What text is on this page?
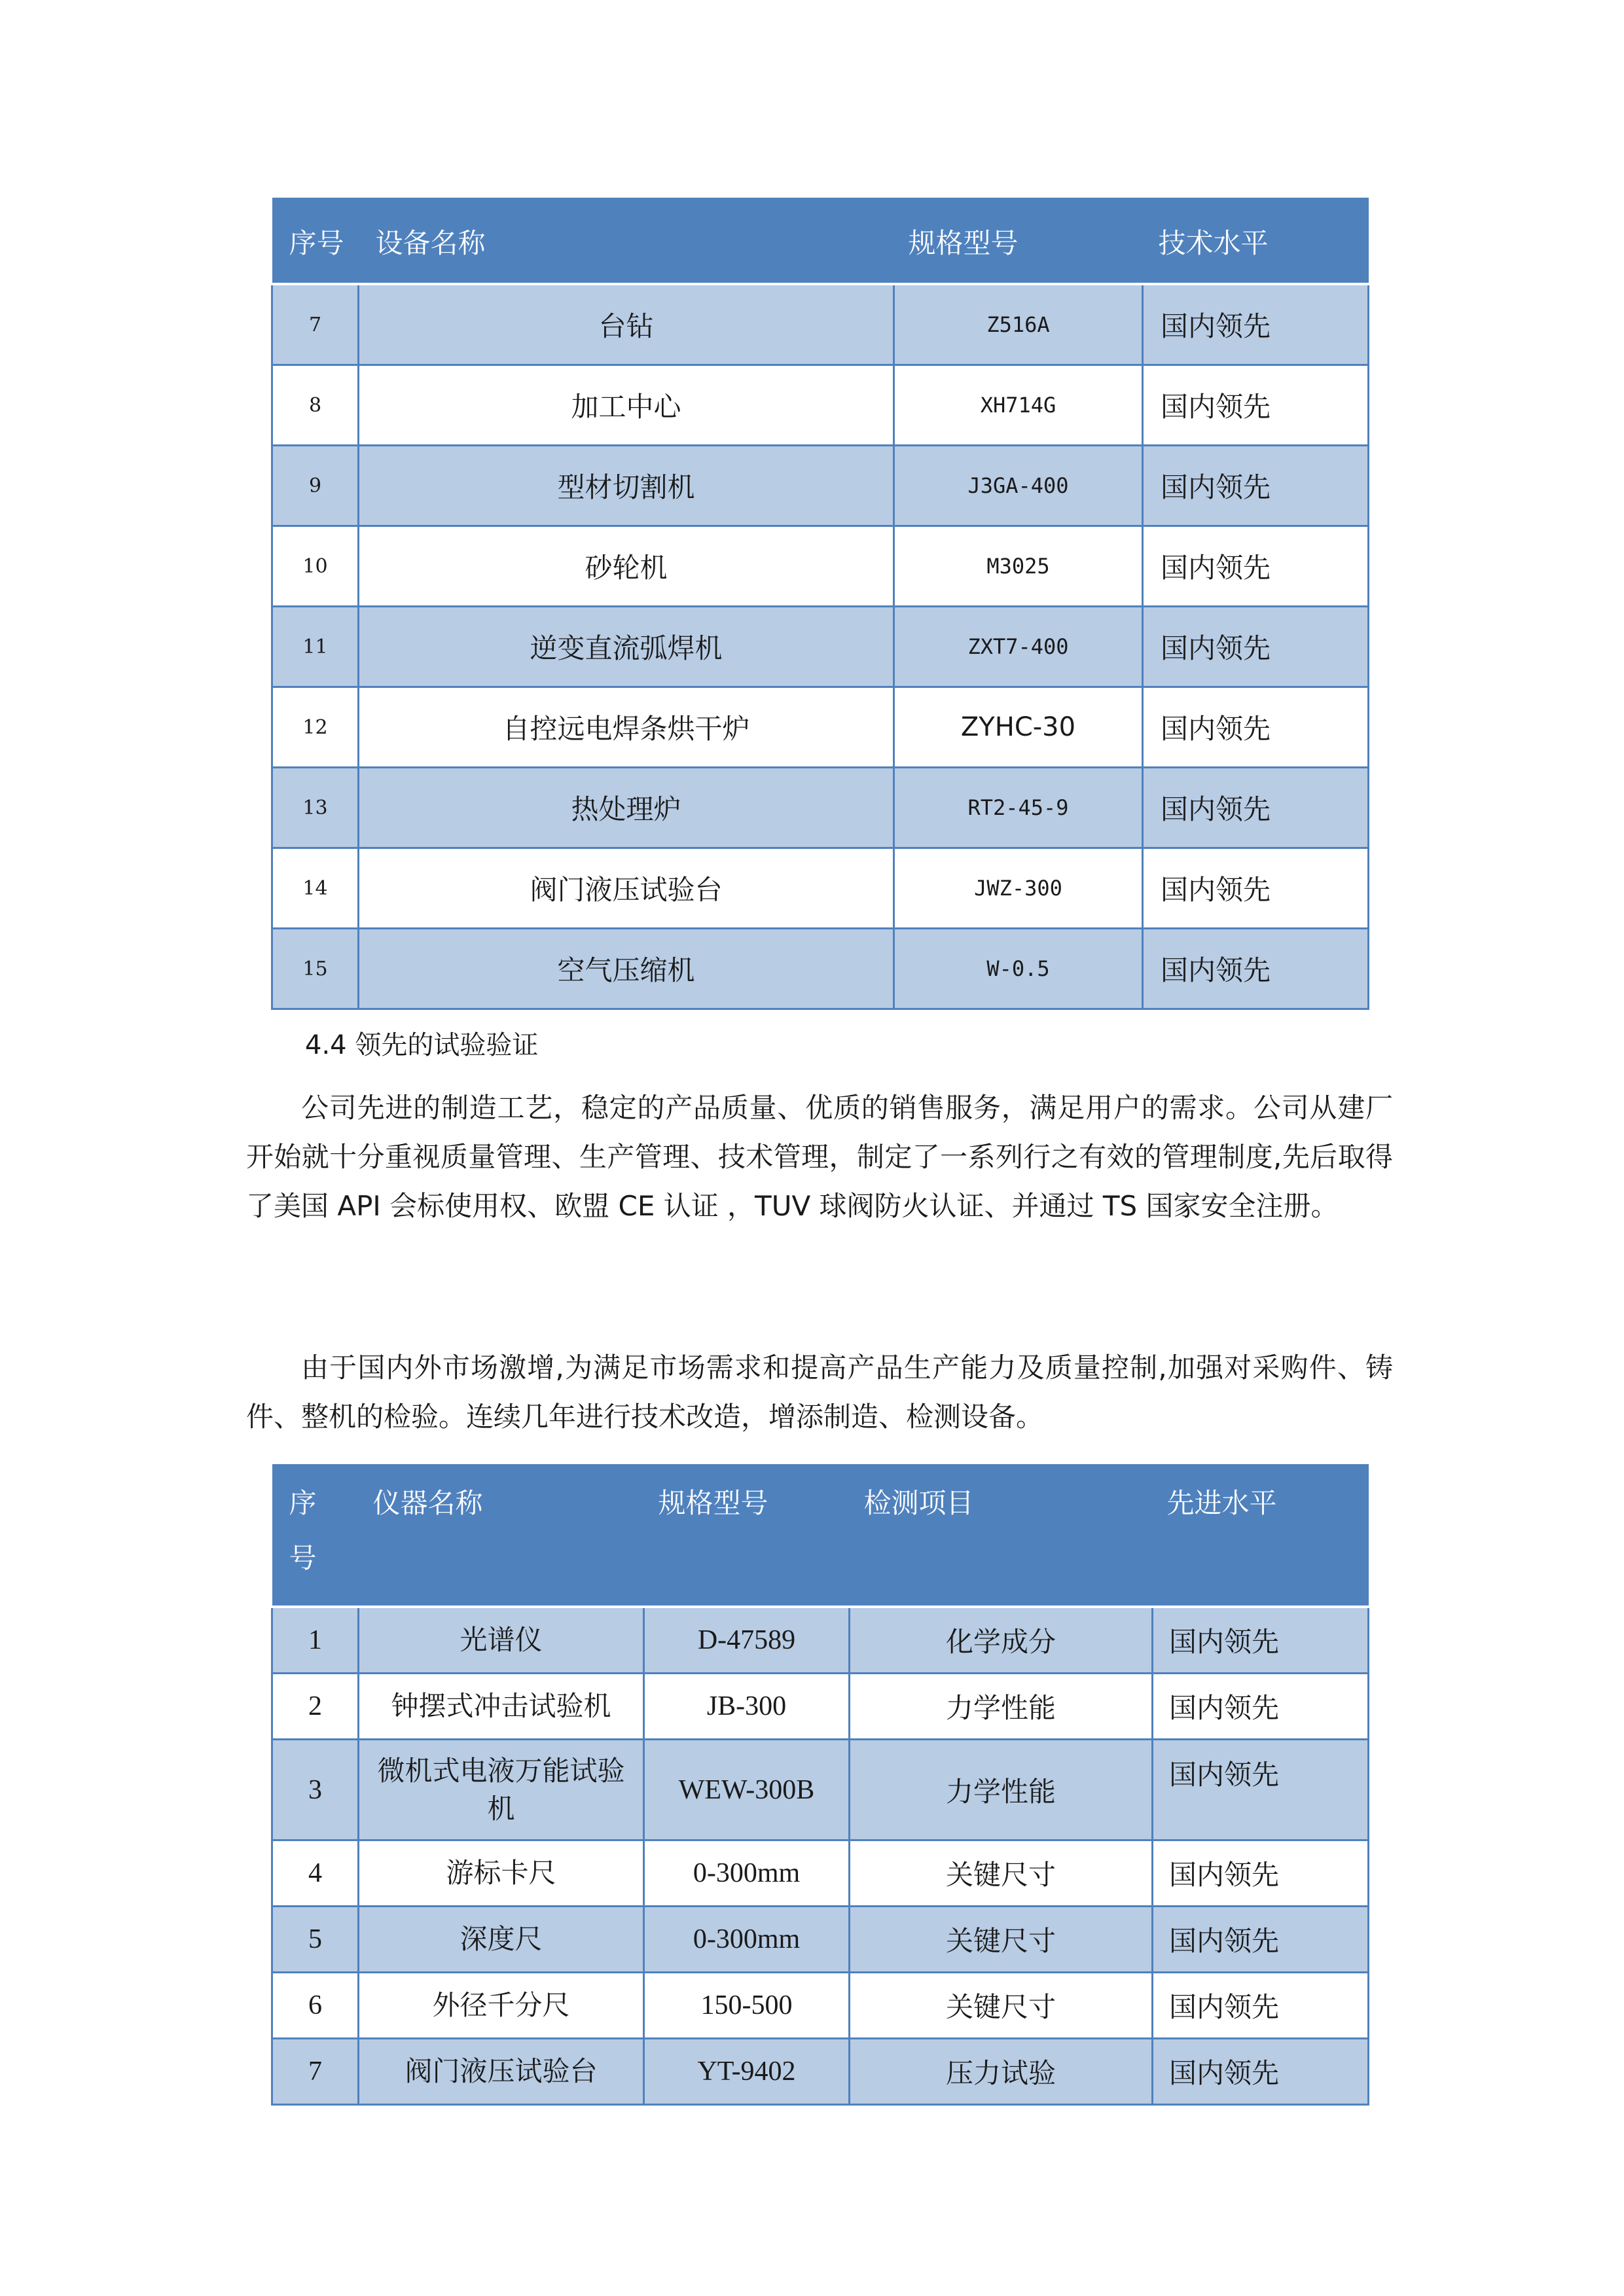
序号	设备名称	规格型号	技术水平
7	台钻	Z516A	国内领先
8	加工中心	XH714G	国内领先
9	型材切割机	J3GA-400	国内领先
10	砂轮机	M3025	国内领先
11	逆变直流弧焊机	ZXT7-400	国内领先
12	自控远电焊条烘干炉	ZYHC-30	国内领先
13	热处理炉	RT2-45-9	国内领先
14	阀门液压试验台	JWZ-300	国内领先
15	空气压缩机	W-0.5	国内领先
4.4 领先的试验验证

公司先进的制造工艺，稳定的产品质量、优质的销售服务，满足用户的需求。公司从建厂开始就十分重视质量管理、生产管理、技术管理，制定了一系列行之有效的管理制度,先后取得了美国 API 会标使用权、欧盟 CE 认证 ，TUV 球阀防火认证、并通过 TS 国家安全注册。

由于国内外市场激增,为满足市场需求和提高产品生产能力及质量控制,加强对采购件、铸件、整机的检验。连续几年进行技术改造，增添制造、检测设备。

序号	仪器名称	规格型号	检测项目	先进水平
1	光谱仪	D-47589	化学成分	国内领先
2	钟摆式冲击试验机	JB-300	力学性能	国内领先
3	微机式电液万能试验机	WEW-300B	力学性能	国内领先
4	游标卡尺	0-300mm	关键尺寸	国内领先
5	深度尺	0-300mm	关键尺寸	国内领先
6	外径千分尺	150-500	关键尺寸	国内领先
7	阀门液压试验台	YT-9402	压力试验	国内领先
